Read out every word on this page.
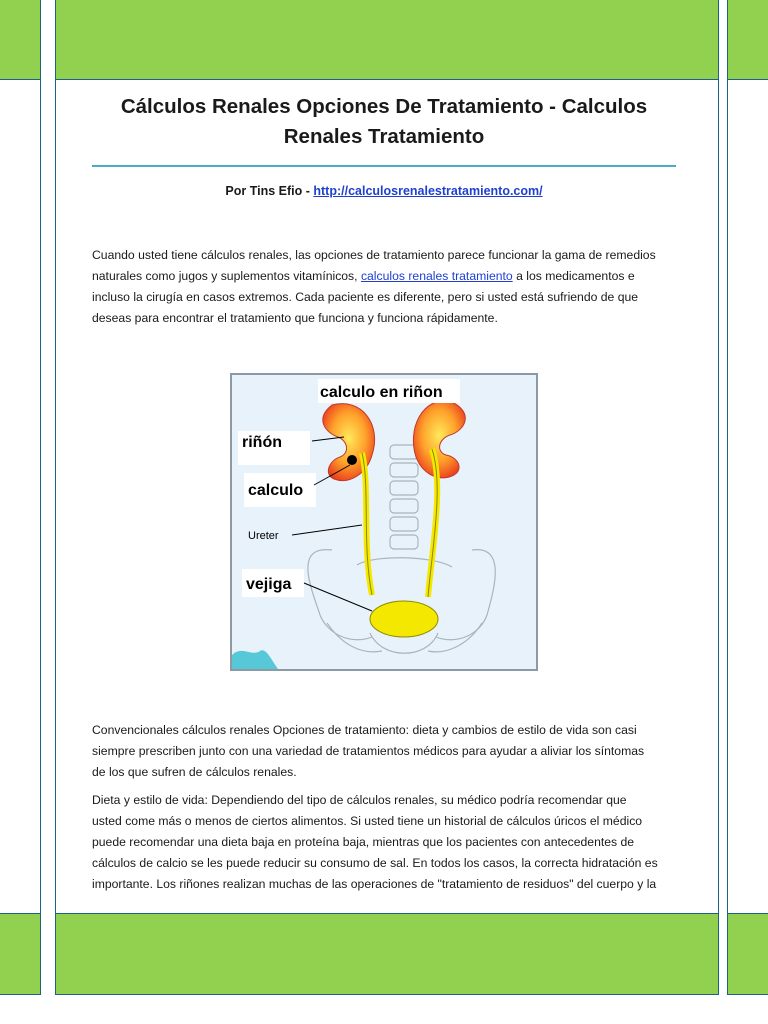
Cálculos Renales Opciones De Tratamiento - Calculos
Renales Tratamiento
Por Tins Efio - http://calculosrenalestratamiento.com/
Cuando usted tiene cálculos renales, las opciones de tratamiento parece funcionar la gama de remedios
naturales como jugos y suplementos vitamínicos, calculos renales tratamiento a los medicamentos e
incluso la cirugía en casos extremos. Cada paciente es diferente, pero si usted está sufriendo de que
deseas para encontrar el tratamiento que funciona y funciona rápidamente.
calculo en riñon
riñón
calculo
Ureter
vejiga
Convencionales cálculos renales Opciones de tratamiento: dieta y cambios de estilo de vida son casi
siempre prescriben junto con una variedad de tratamientos médicos para ayudar a aliviar los síntomas
de los que sufren de cálculos renales.
Dieta y estilo de vida: Dependiendo del tipo de cálculos renales, su médico podría recomendar que
usted come más o menos de ciertos alimentos. Si usted tiene un historial de cálculos úricos el médico
puede recomendar una dieta baja en proteína baja, mientras que los pacientes con antecedentes de
cálculos de calcio se les puede reducir su consumo de sal. En todos los casos, la correcta hidratación es
importante. Los riñones realizan muchas de las operaciones de "tratamiento de residuos" del cuerpo y la
